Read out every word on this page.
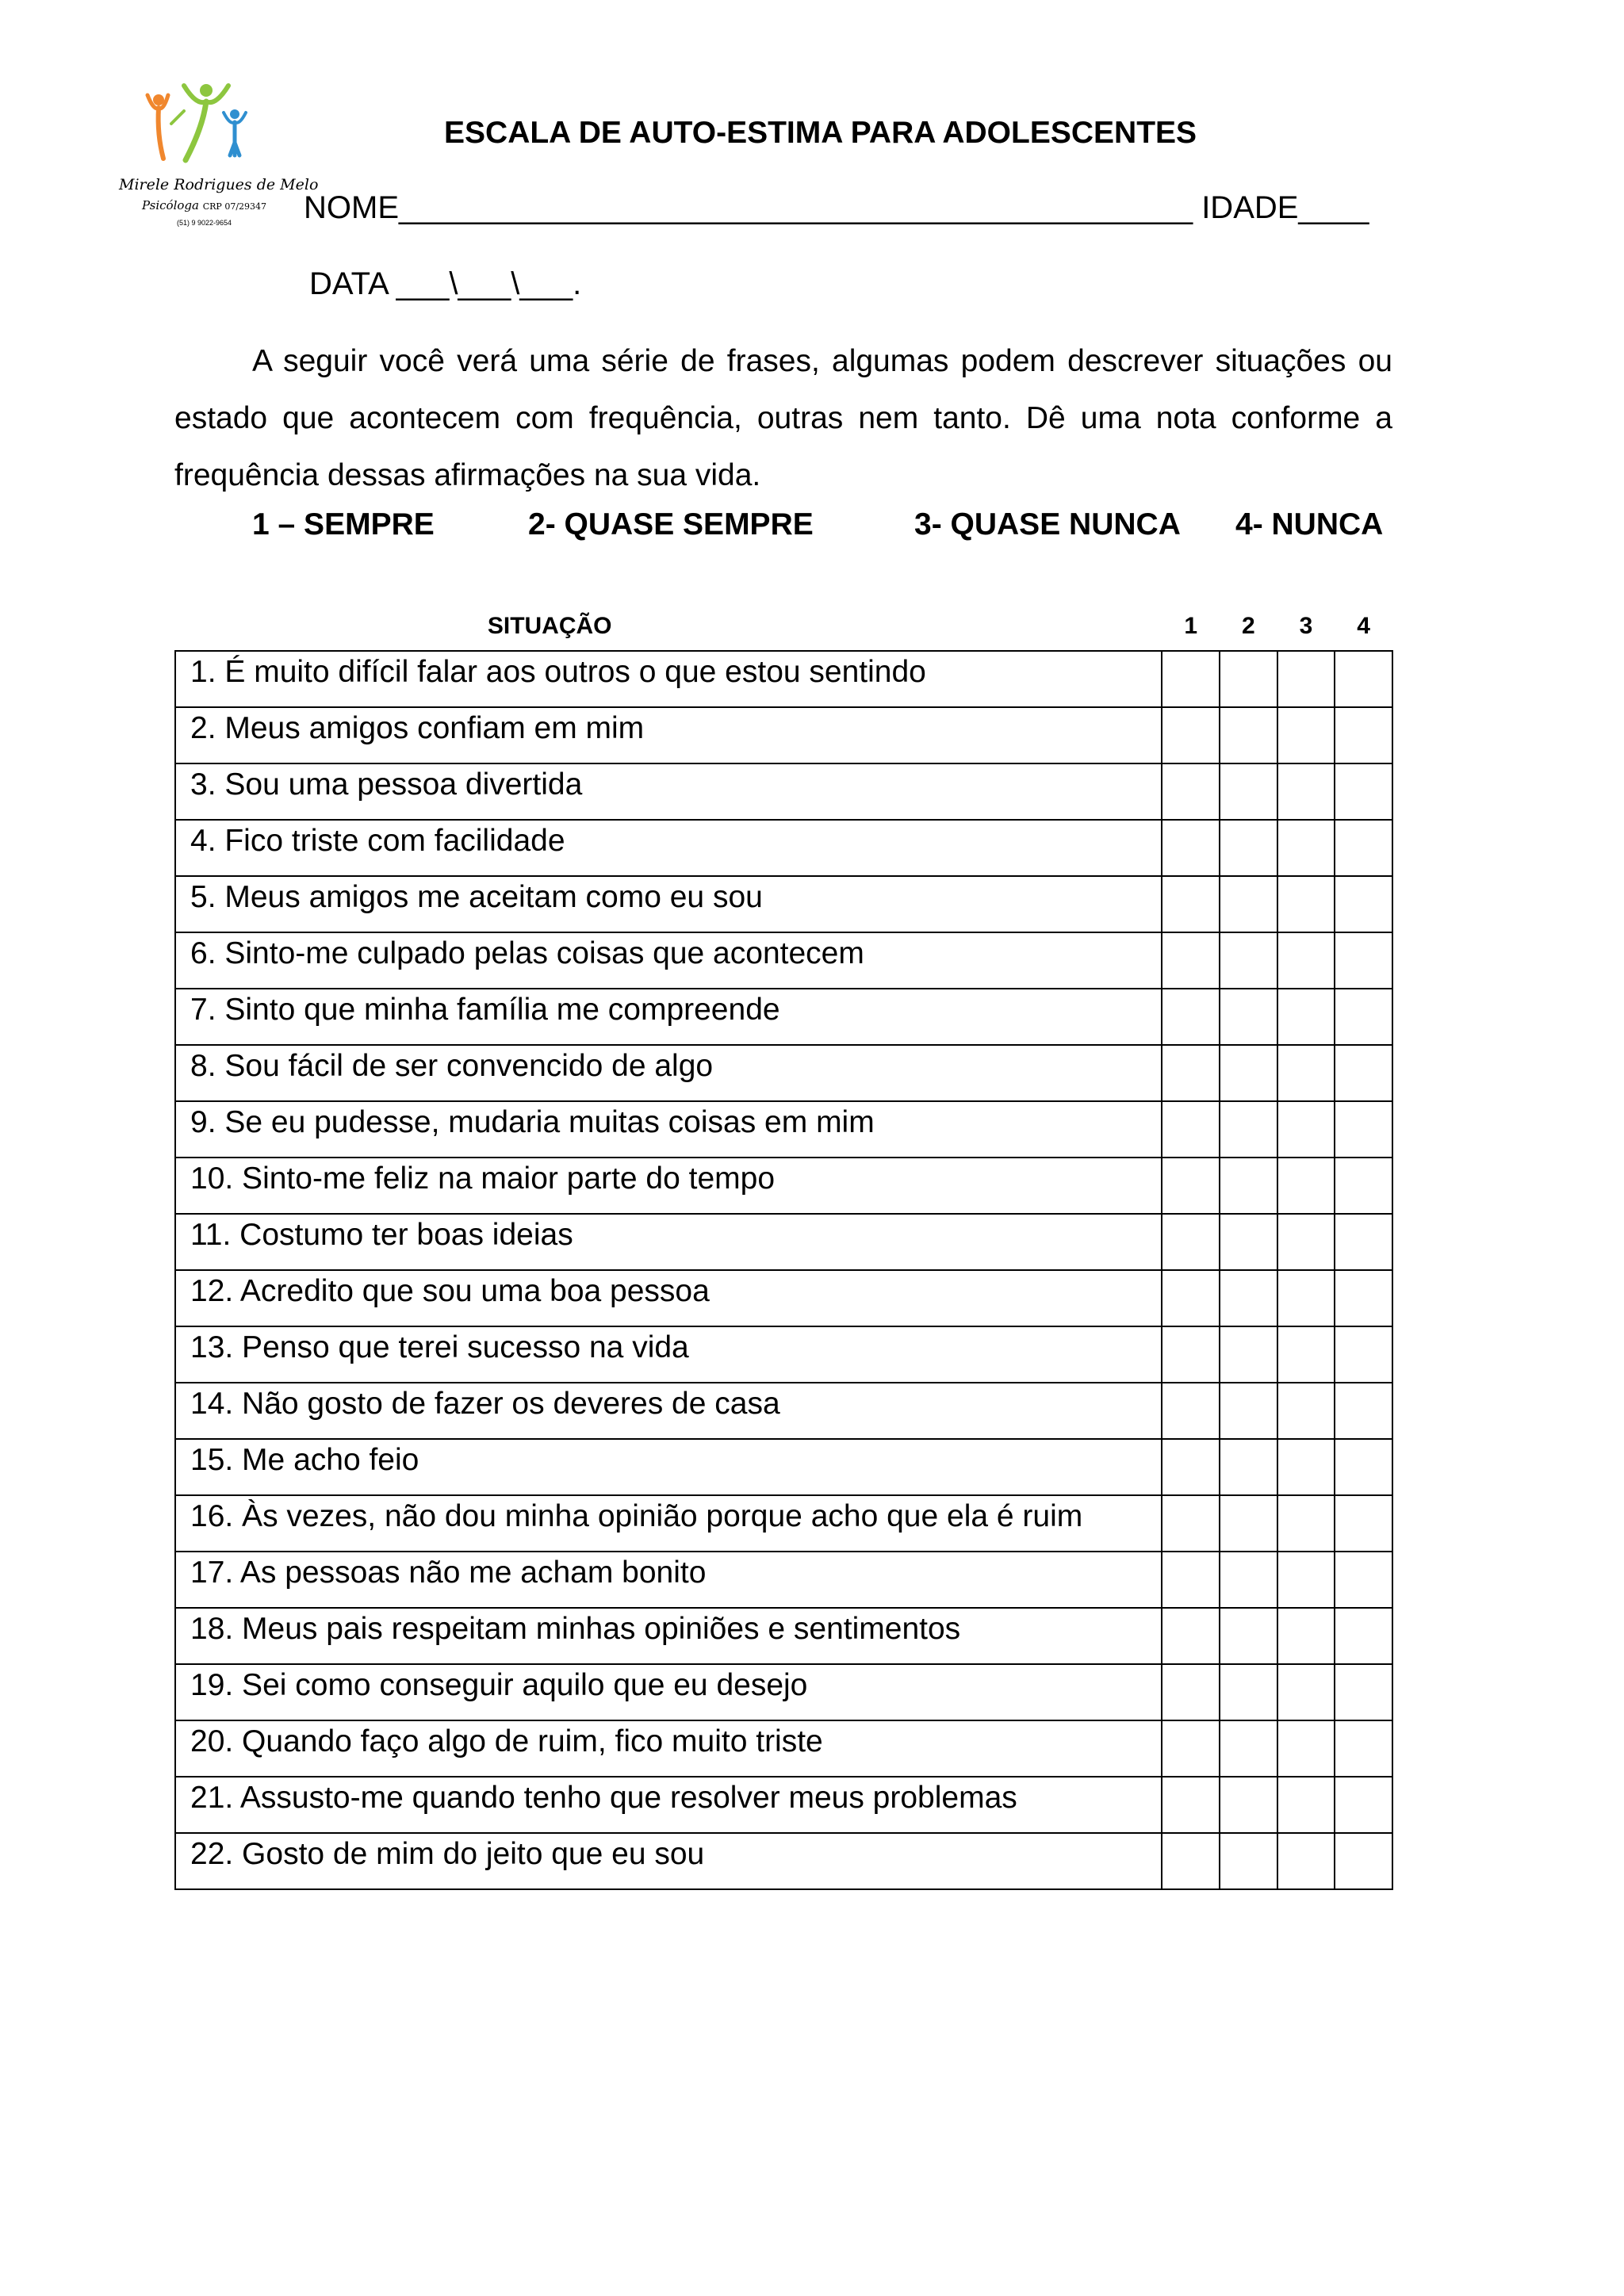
Mirele Rodrigues de Melo
Psicóloga CRP 07/29347
(51) 9 9022-9654
ESCALA DE AUTO-ESTIMA PARA ADOLESCENTES
NOME_____________________________________________ IDADE____
DATA ___\___\___.
A seguir você verá uma série de frases, algumas podem descrever situações ou estado que acontecem com frequência, outras nem tanto. Dê uma nota conforme a frequência dessas afirmações na sua vida.
1 – SEMPRE	2- QUASE SEMPRE	3- QUASE NUNCA 4- NUNCA
SITUAÇÃO	1	2	3	4
1. É muito difícil falar aos outros o que estou sentindo				
2. Meus amigos confiam em mim				
3. Sou uma pessoa divertida				
4. Fico triste com facilidade				
5. Meus amigos me aceitam como eu sou				
6. Sinto-me culpado pelas coisas que acontecem				
7. Sinto que minha família me compreende				
8. Sou fácil de ser convencido de algo				
9. Se eu pudesse, mudaria muitas coisas em mim				
10. Sinto-me feliz na maior parte do tempo				
11. Costumo ter boas ideias				
12. Acredito que sou uma boa pessoa				
13. Penso que terei sucesso na vida				
14. Não gosto de fazer os deveres de casa				
15. Me acho feio				
16. Às vezes, não dou minha opinião porque acho que ela é ruim				
17. As pessoas não me acham bonito				
18. Meus pais respeitam minhas opiniões e sentimentos				
19. Sei como conseguir aquilo que eu desejo				
20. Quando faço algo de ruim, fico muito triste				
21. Assusto-me quando tenho que resolver meus problemas				
22. Gosto de mim do jeito que eu sou				
